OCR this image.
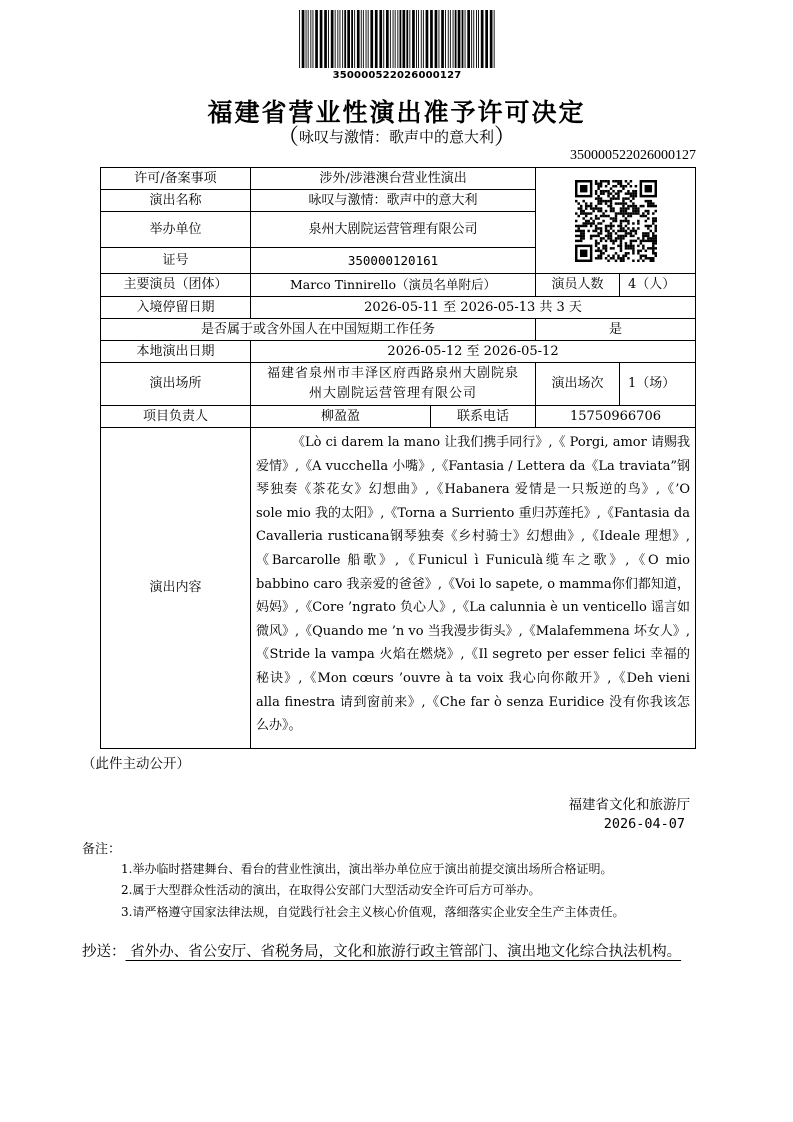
350000522026000127
福建省营业性演出准予许可决定
（咏叹与激情：歌声中的意大利）
350000522026000127
许可/备案事项	涉外/涉港澳台营业性演出	

演出名称	咏叹与激情：歌声中的意大利			
举办单位	泉州大剧院运营管理有限公司			
证号	350000120161			
主要演员（团体）	Marco Tinnirello（演员名单附后）		演员人数	4（人）
入境停留日期	2026-05-11 至 2026-05-13 共 3 天			
是否属于或含外国人在中国短期工作任务			是	
本地演出日期	2026-05-12 至 2026-05-12			
演出场所	福建省泉州市丰泽区府西路泉州大剧院泉州大剧院运营管理有限公司		演出场次	1（场）
项目负责人	柳盈盈	联系电话	15750966706	
演出内容	《Lò ci darem la mano 让我们携手同行》,《 Porgi, amor 请赐我爱情》,《A vucchella 小嘴》,《Fantasia / Lettera da《La traviata”钢琴独奏《茶花女》幻想曲》,《Habanera 爱情是一只叛逆的鸟》,《’O sole mio 我的太阳》,《Torna a Surriento 重归苏莲托》,《Fantasia da Cavalleria rusticana钢琴独奏《乡村骑士》幻想曲》,《Ideale 理想》,《Barcarolle 船歌》,《Funicul ì Funiculà缆车之歌》,《O mio babbino caro 我亲爱的爸爸》,《Voi lo sapete, o mamma你们都知道， 妈妈》,《Core ’ngrato 负心人》,《La calunnia è un venticello 谣言如微风》,《Quando me ’n vo 当我漫步街头》,《Malafemmena 坏女人》,《Stride la vampa 火焰在燃烧》,《Il segreto per esser felici 幸福的秘诀》,《Mon cœurs ’ouvre à ta voix 我心向你敞开》,《Deh vieni alla finestra 请到窗前来》,《Che far ò senza Euridice 没有你我该怎么办》。			
（此件主动公开）
福建省文化和旅游厅
2026-04-07
备注：
1.举办临时搭建舞台、看台的营业性演出，演出举办单位应于演出前提交演出场所合格证明。
2.属于大型群众性活动的演出，在取得公安部门大型活动安全许可后方可举办。
3.请严格遵守国家法律法规，自觉践行社会主义核心价值观，落细落实企业安全生产主体责任。
抄送： 省外办、省公安厅、省税务局，文化和旅游行政主管部门、演出地文化综合执法机构。
